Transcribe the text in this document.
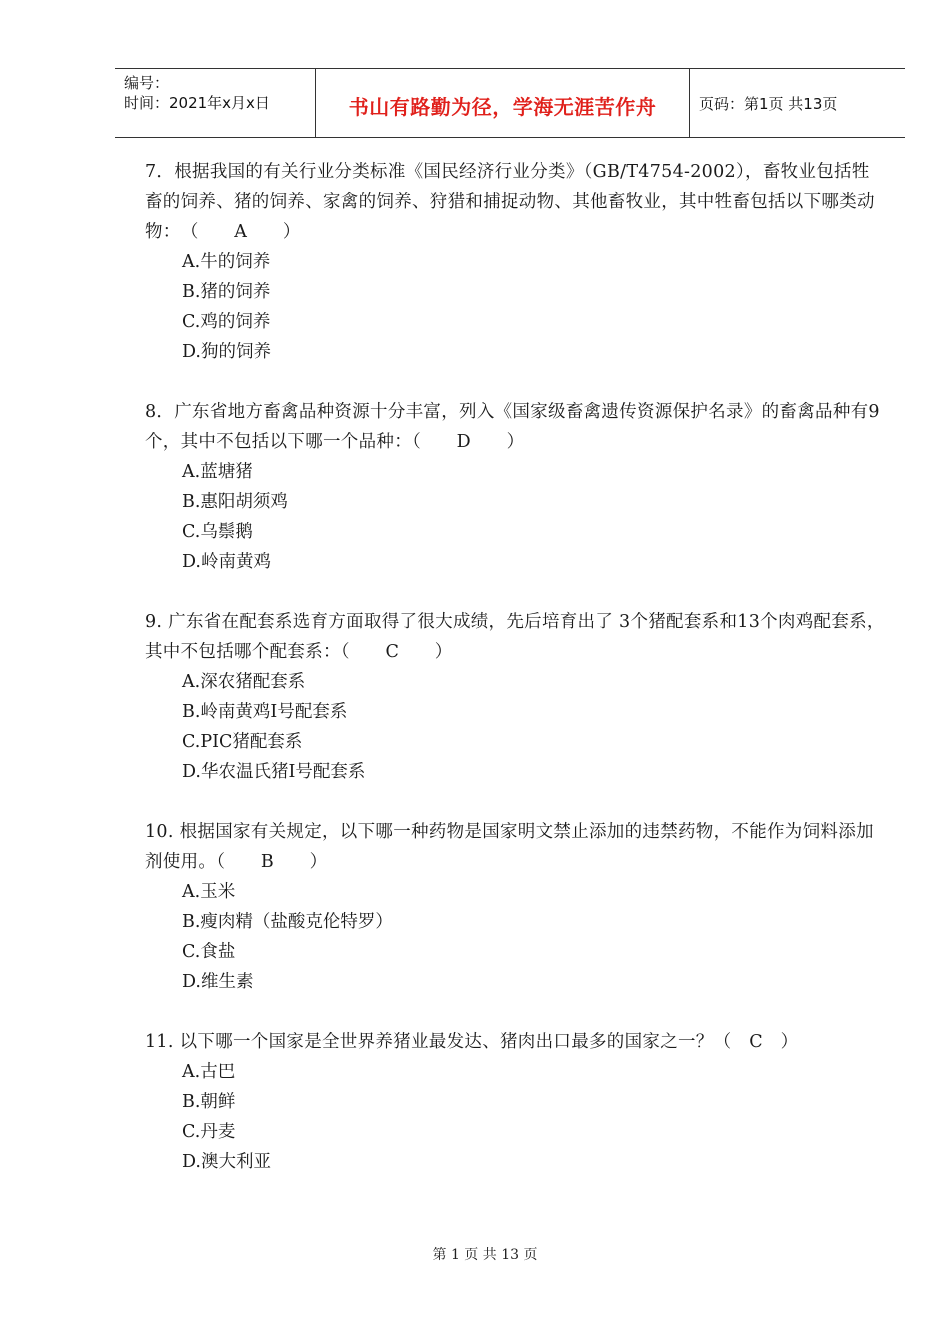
编号：
时间：2021年x月x日	书山有路勤为径，学海无涯苦作舟	页码：第1页 共13页
7．根据我国的有关行业分类标准《国民经济行业分类》（GB/T4754-2002），畜牧业包括牲畜的饲养、猪的饲养、家禽的饲养、狩猎和捕捉动物、其他畜牧业，其中牲畜包括以下哪类动物：　（　　A　　）
A.牛的饲养
B.猪的饲养
C.鸡的饲养
D.狗的饲养
8．广东省地方畜禽品种资源十分丰富，列入《国家级畜禽遗传资源保护名录》的畜禽品种有9个，其中不包括以下哪一个品种：（　　D　　）
A.蓝塘猪
B.惠阳胡须鸡
C.乌鬃鹅
D.岭南黄鸡
9. 广东省在配套系选育方面取得了很大成绩，先后培育出了 3个猪配套系和13个肉鸡配套系，其中不包括哪个配套系：（　　C　　）
A.深农猪配套系
B.岭南黄鸡Ⅰ号配套系
C.PIC猪配套系
D.华农温氏猪Ⅰ号配套系
10. 根据国家有关规定，以下哪一种药物是国家明文禁止添加的违禁药物，不能作为饲料添加剂使用。（　　B　　）
A.玉米
B.瘦肉精（盐酸克伦特罗）
C.食盐
D.维生素
11. 以下哪一个国家是全世界养猪业最发达、猪肉出口最多的国家之一？（　C　）
A.古巴
B.朝鲜
C.丹麦
D.澳大利亚
第 1 页 共 13 页
